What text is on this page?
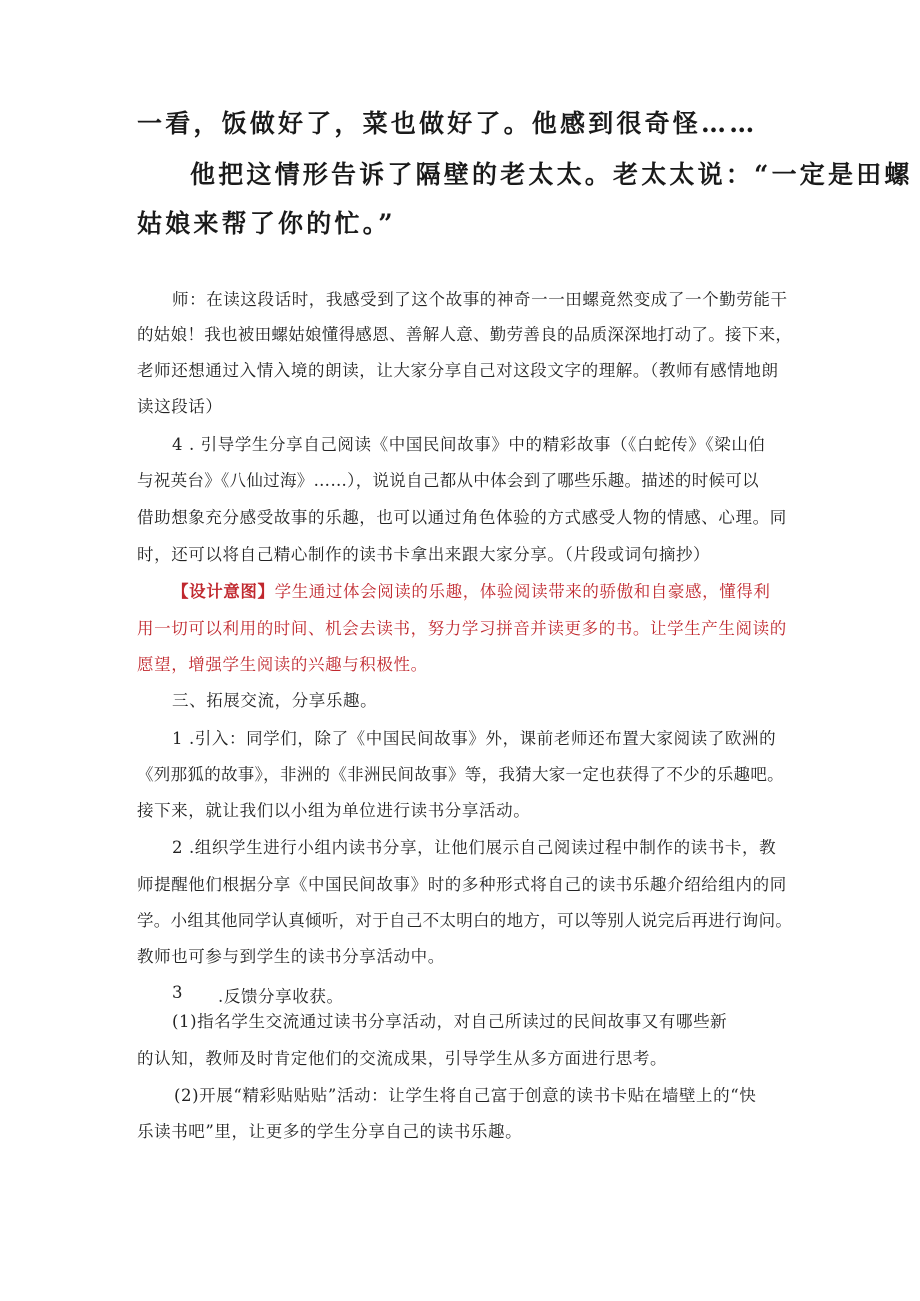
一看，饭做好了，菜也做好了。他感到很奇怪……
他把这情形告诉了隔壁的老太太。老太太说：“一定是田螺
姑娘来帮了你的忙。”
师：在读这段话时，我感受到了这个故事的神奇一一田螺竟然变成了一个勤劳能干
的姑娘！我也被田螺姑娘懂得感恩、善解人意、勤劳善良的品质深深地打动了。接下来，
老师还想通过入情入境的朗读，让大家分享自己对这段文字的理解。（教师有感情地朗
读这段话）
4 . 引导学生分享自己阅读《中国民间故事》中的精彩故事（《白蛇传》《梁山伯
与祝英台》《八仙过海》……），说说自己都从中体会到了哪些乐趣。描述的时候可以
借助想象充分感受故事的乐趣，也可以通过角色体验的方式感受人物的情感、心理。同
时，还可以将自己精心制作的读书卡拿出来跟大家分享。（片段或词句摘抄）
【设计意图】学生通过体会阅读的乐趣，体验阅读带来的骄傲和自豪感，懂得利
用一切可以利用的时间、机会去读书，努力学习拼音并读更多的书。让学生产生阅读的
愿望，增强学生阅读的兴趣与积极性。
三、拓展交流，分享乐趣。
1 .引入：同学们，除了《中国民间故事》外，课前老师还布置大家阅读了欧洲的
《列那狐的故事》，非洲的《非洲民间故事》等，我猜大家一定也获得了不少的乐趣吧。
接下来，就让我们以小组为单位进行读书分享活动。
2 .组织学生进行小组内读书分享，让他们展示自己阅读过程中制作的读书卡，教
师提醒他们根据分享《中国民间故事》时的多种形式将自己的读书乐趣介绍给组内的同
学。小组其他同学认真倾听，对于自己不太明白的地方，可以等别人说完后再进行询问。
教师也可参与到学生的读书分享活动中。
3	.反馈分享收获。
(1)指名学生交流通过读书分享活动，对自己所读过的民间故事又有哪些新
的认知，教师及时肯定他们的交流成果，引导学生从多方面进行思考。
(2)开展“精彩贴贴贴”活动：让学生将自己富于创意的读书卡贴在墙壁上的“快
乐读书吧”里，让更多的学生分享自己的读书乐趣。
